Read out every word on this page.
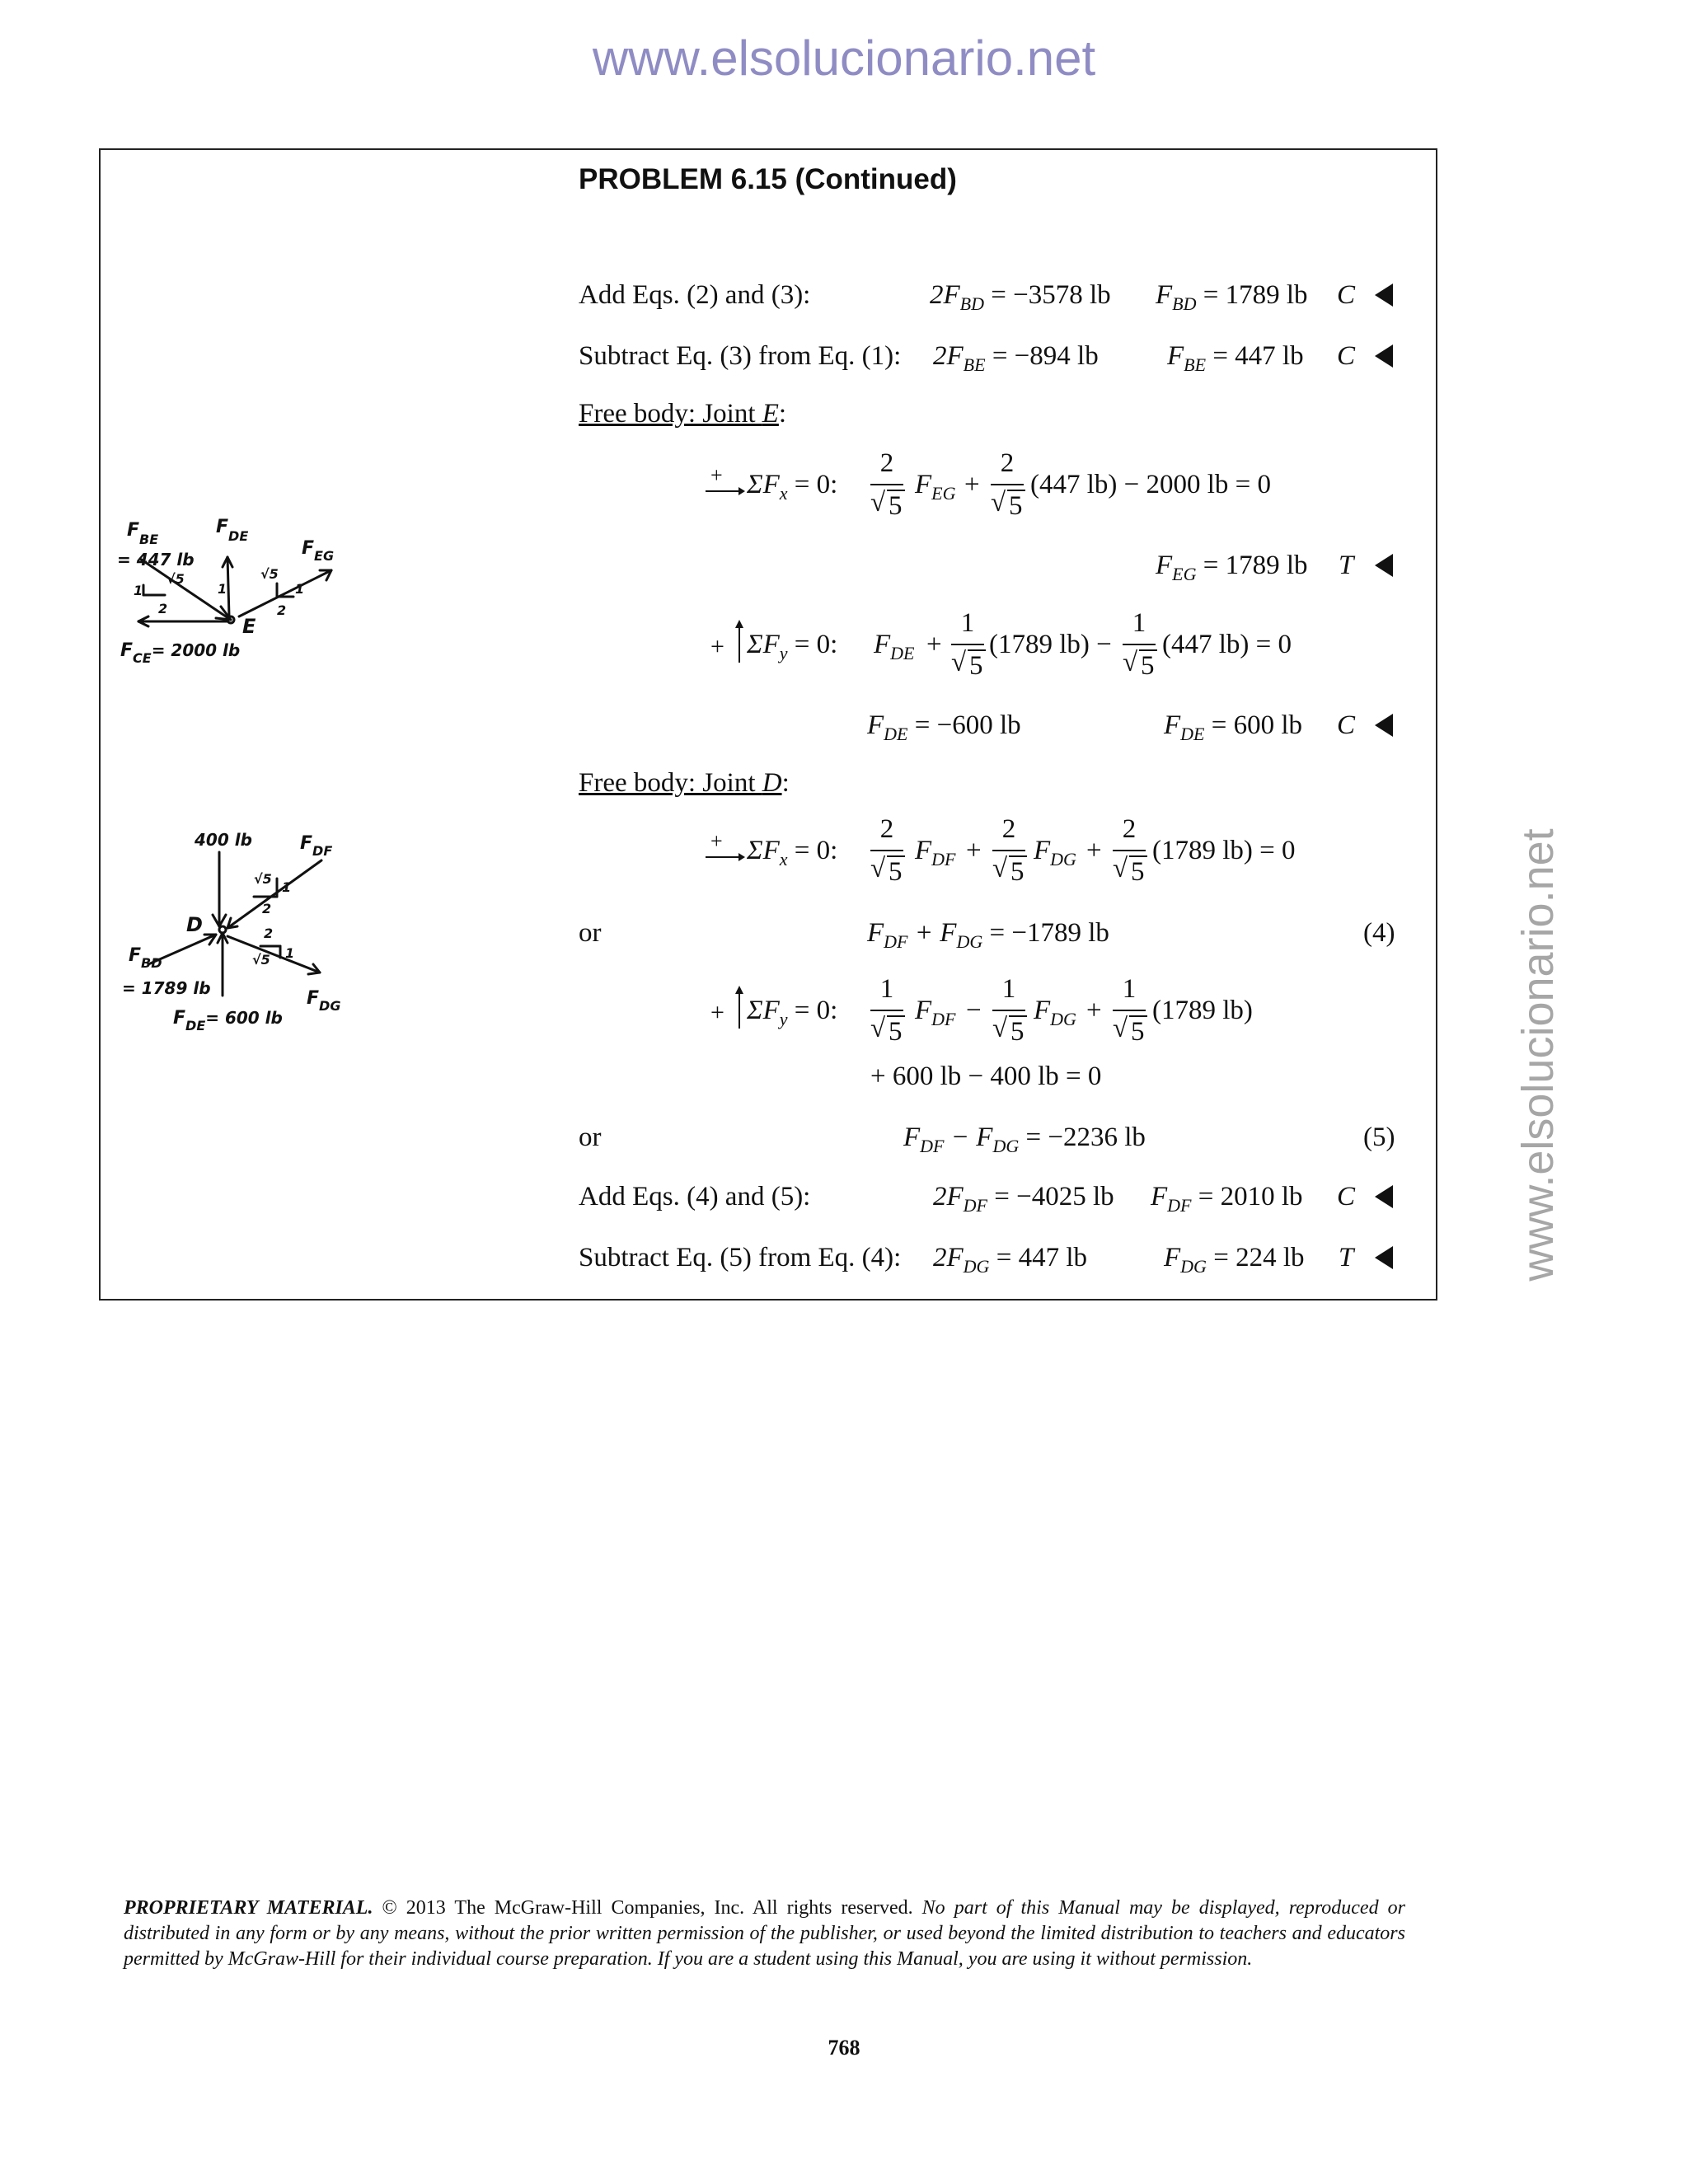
www.elsolucionario.net
www.elsolucionario.net
PROBLEM 6.15 (Continued)
Add Eqs. (2) and (3):	$2F_{BD} = -3578$ lb $F_{BD} = 1789$ lb C
Subtract Eq. (3) from Eq. (1): $2F_{BE} = -894$ lb	$F_{BE} = 447$ lb C
Free body: Joint E:
+ $\Sigma F_x = 0$:
2
√ 5
$F_{EG}$ +
2
√ 5
(447 lb) − 2000 lb = 0
$F_{EG} = 1789$ lb T
+ $\Sigma F_y = 0$: $F_{DE}$ +
1
√ 5
(1789 lb) −
1
√ 5
(447 lb) = 0
$F_{DE} = -600$ lb	$F_{DE} = 600$ lb C
Free body: Joint D:
+ $\Sigma F_x = 0$:
2
√ 5
$F_{DF}$ +
2
√ 5
$F_{DG}$ +
2
√ 5
(1789 lb) = 0
or	$F_{DF} + F_{DG} = -1789$ lb	(4)
+ $\Sigma F_y = 0$:
1
√ 5
$F_{DF}$ −
1
√ 5
$F_{DG}$ +
1
√ 5
(1789 lb)
+ 600 lb − 400 lb = 0
or	$F_{DF} - F_{DG} = -2236$ lb	(5)
Add Eqs. (4) and (5):	$2F_{DF} = -4025$ lb $F_{DF} = 2010$ lb C
Subtract Eq. (5) from Eq. (4): $2F_{DG} = 447$ lb	$F_{DG} = 224$ lb T
$F_{BE}$
= 447 lb
$F_{DE}$
$F_{EG}$
$F_{CE}= 2000$ lb
E
√5
1
2
√5
1
2
1
400 lb	$F_{DF}$
$F_{BD}$
= 1789 lb	$F_{DG}$
$F_{DE}= 600$ lb
D
√5
1
2
2
√5 1
PROPRIETARY MATERIAL. © 2013 The McGraw-Hill Companies, Inc. All rights reserved. No part of this Manual may be displayed, reproduced or distributed in any form or by any means, without the prior written permission of the publisher, or used beyond the limited distribution to teachers and educators permitted by McGraw-Hill for their individual course preparation. If you are a student using this Manual, you are using it without permission.
768
